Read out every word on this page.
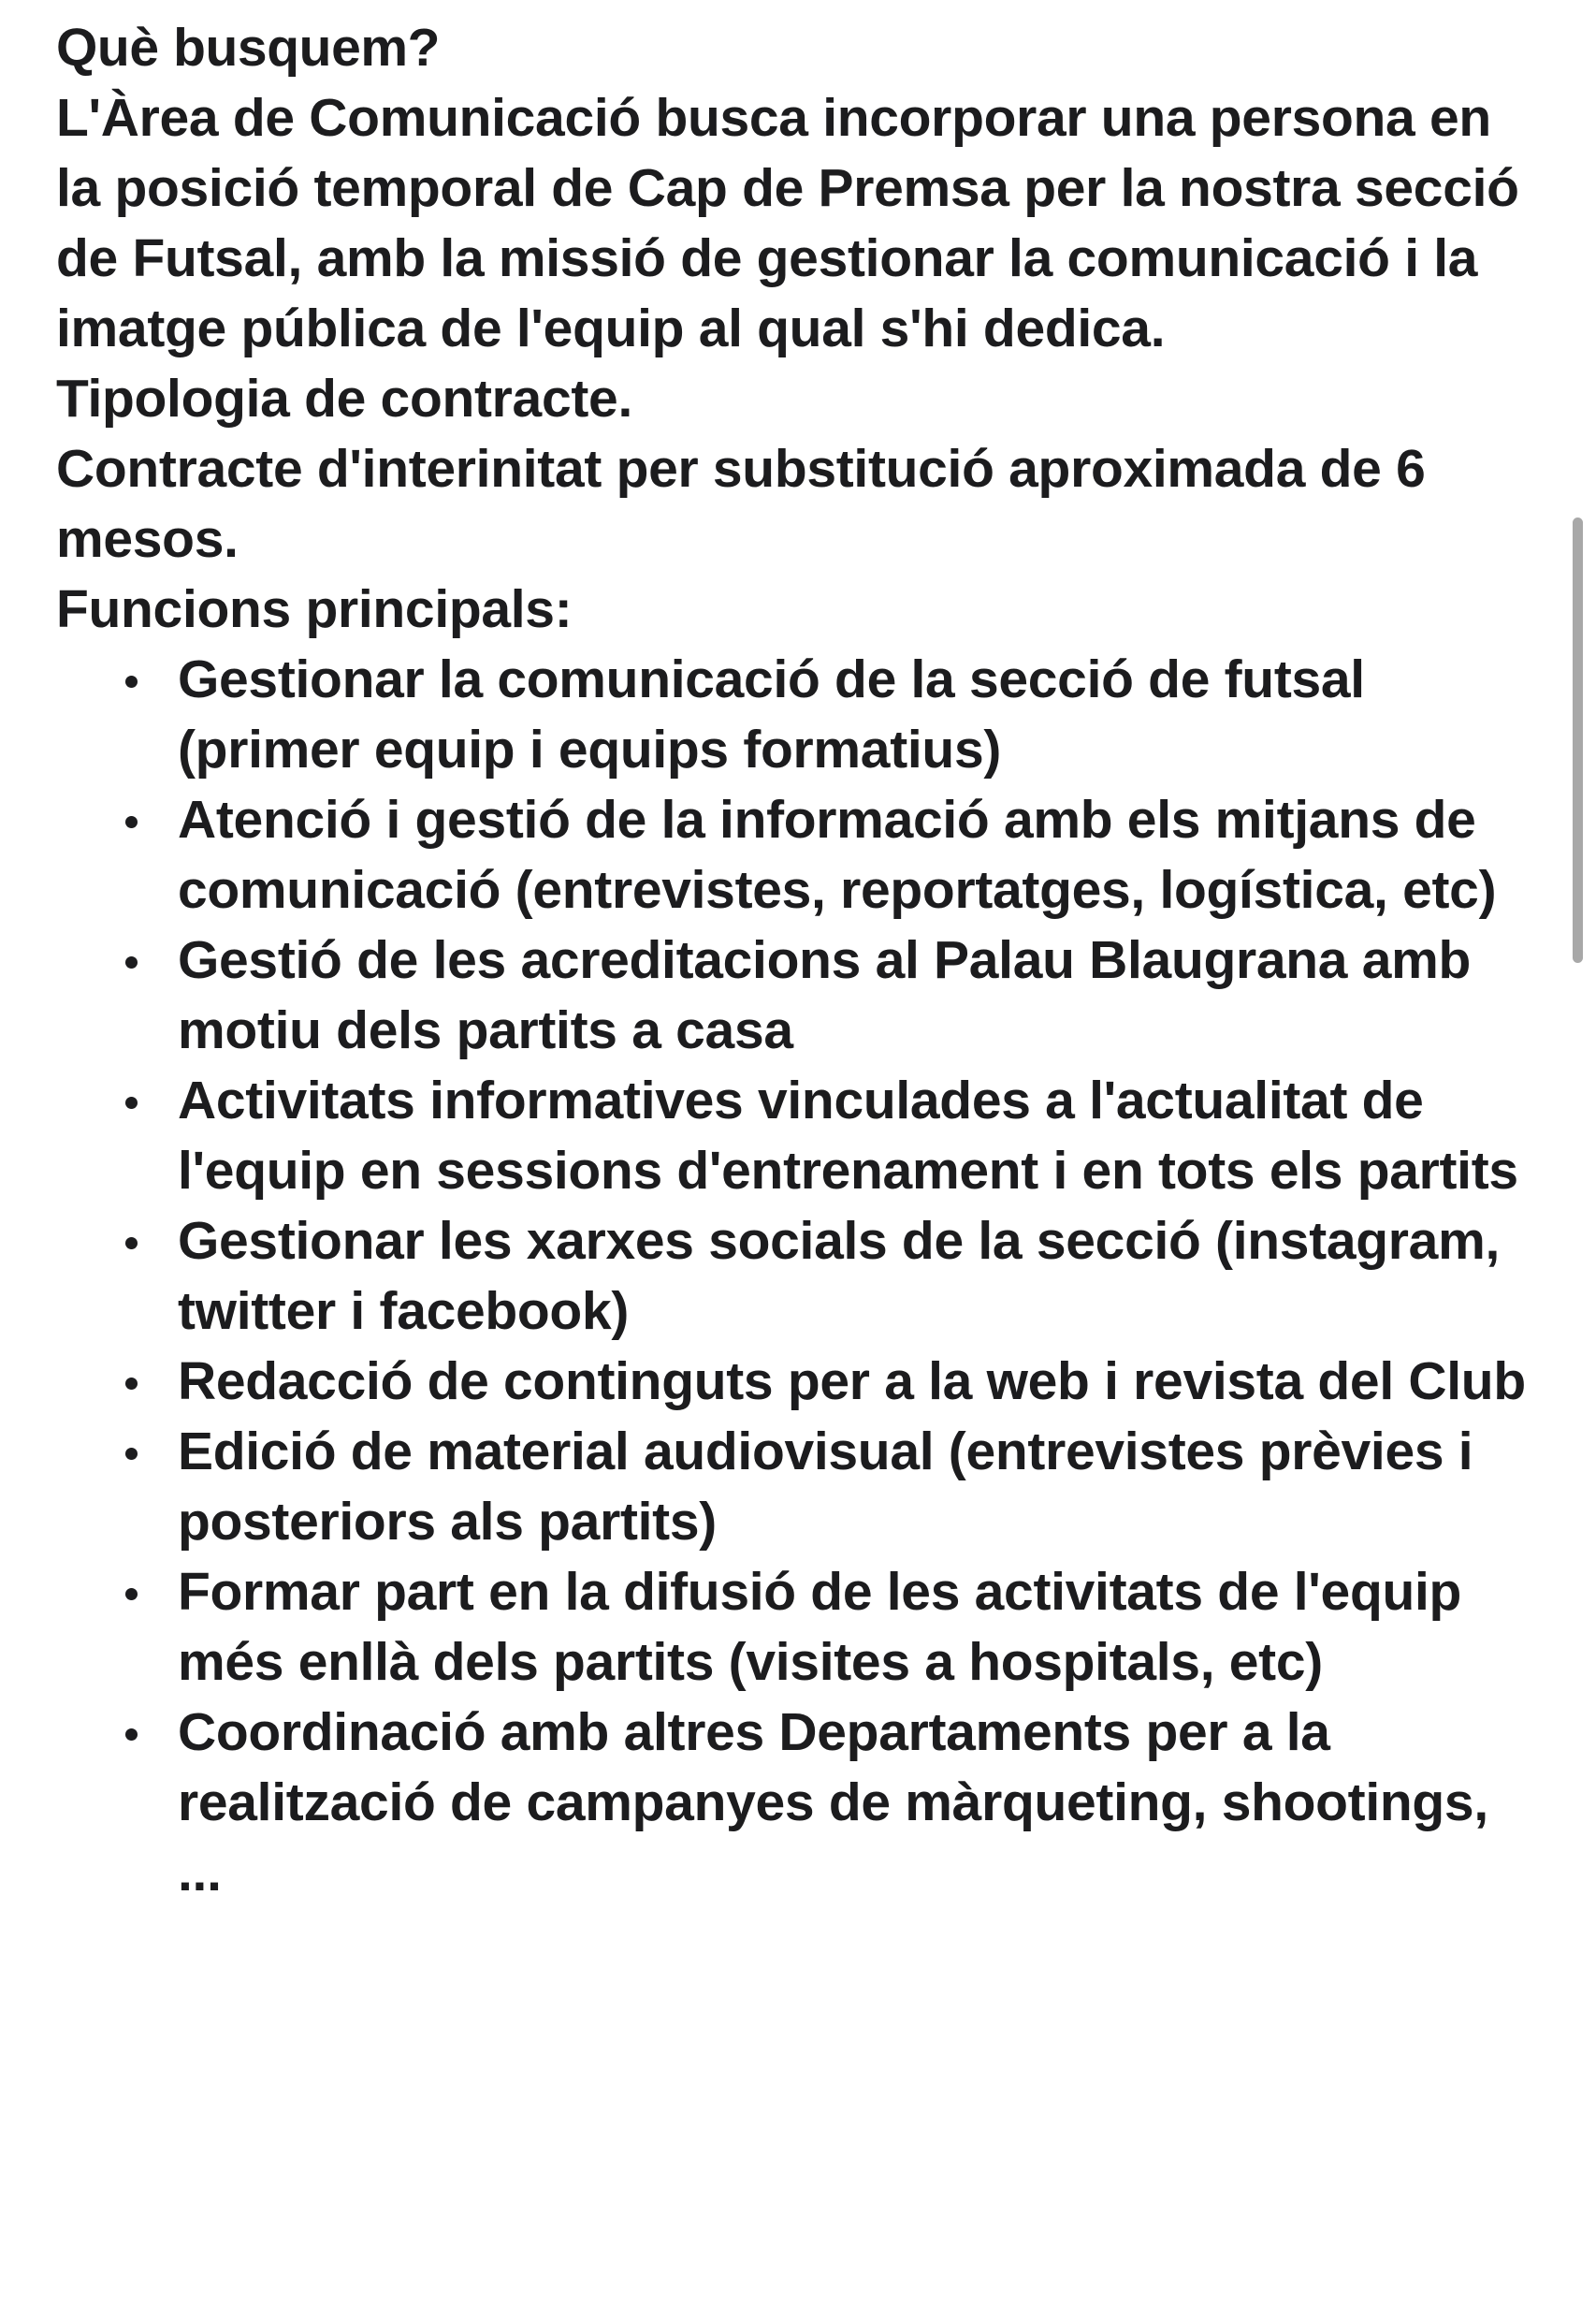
Què busquem?

L'Àrea de Comunicació busca incorporar una persona en la posició temporal de Cap de Premsa per la nostra secció de Futsal, amb la missió de gestionar la comunicació i la imatge pública de l'equip al qual s'hi dedica.

Tipologia de contracte.

Contracte d'interinitat per substitució aproximada de 6 mesos.

Funcions principals:

Gestionar la comunicació de la secció de futsal (primer equip i equips formatius)
Atenció i gestió de la informació amb els mitjans de comunicació (entrevistes, reportatges, logística, etc)
Gestió de les acreditacions al Palau Blaugrana amb motiu dels partits a casa
Activitats informatives vinculades a l'actualitat de l'equip en sessions d'entrenament i en tots els partits
Gestionar les xarxes socials de la secció (instagram, twitter i facebook)
Redacció de continguts per a la web i revista del Club
Edició de material audiovisual (entrevistes prèvies i posteriors als partits)
Formar part en la difusió de les activitats de l'equip més enllà dels partits (visites a hospitals, etc)
Coordinació amb altres Departaments per a la realització de campanyes de màrqueting, shootings, ...
